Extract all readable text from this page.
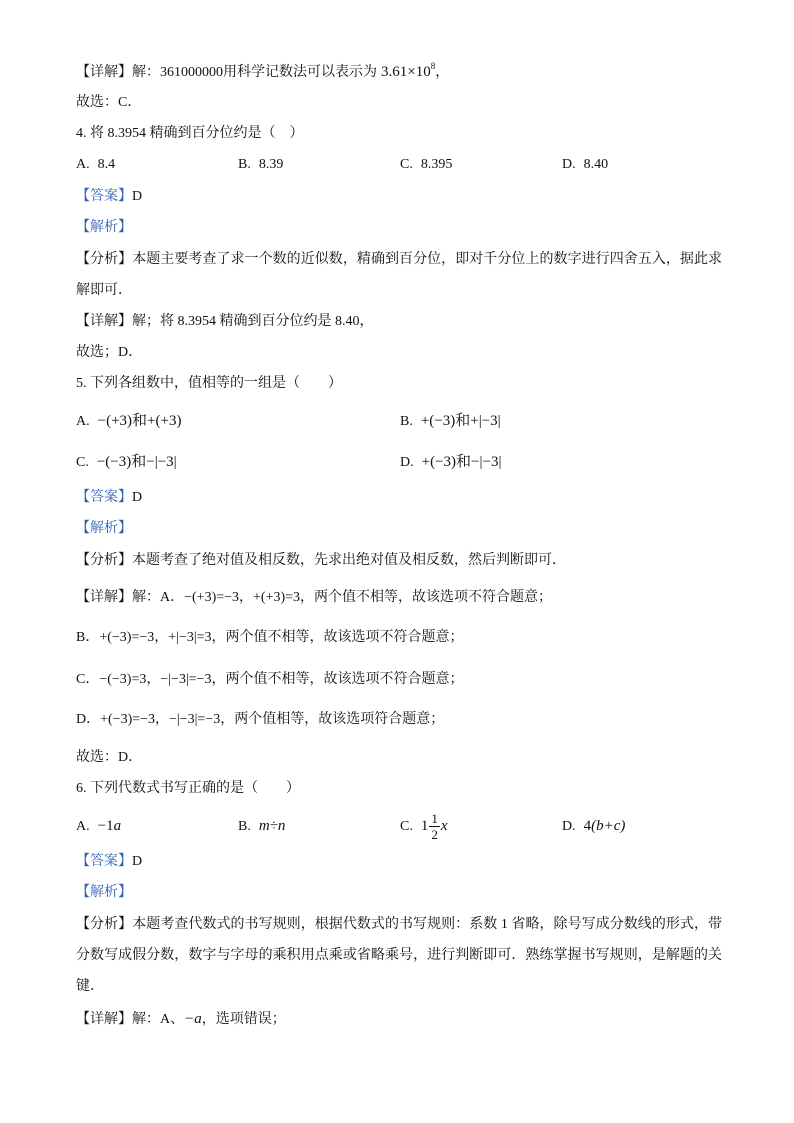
【详解】解：361000000用科学记数法可以表示为 $3.61\times 10^8$，
故选：C．
4. 将 8.3954 精确到百分位约是（　）
A. 8.4	B. 8.39	C. 8.395	D. 8.40
【答案】D
【解析】
【分析】本题主要考查了求一个数的近似数，精确到百分位，即对千分位上的数字进行四舍五入，据此求
解即可．
【详解】解；将 8.3954 精确到百分位约是 8.40，
故选；D．
5. 下列各组数中，值相等的一组是（　　）
A. −(+3)和+(+3)	B. +(−3)和+|−3|
C. −(−3)和−|−3|	D. +(−3)和−|−3|
【答案】D
【解析】
【分析】本题考查了绝对值及相反数，先求出绝对值及相反数，然后判断即可．
【详解】解：A．−(+3)=−3，+(+3)=3，两个值不相等，故该选项不符合题意；
B．+(−3)=−3，+|−3|=3，两个值不相等，故该选项不符合题意；
C．−(−3)=3，−|−3|=−3，两个值不相等，故该选项不符合题意；
D．+(−3)=−3，−|−3|=−3，两个值相等，故该选项符合题意；
故选：D．
6. 下列代数式书写正确的是（　　）
A. −1a	B. m÷n	C. $1 \frac{1}{2}$ x	D. 4(b+c)
【答案】D
【解析】
【分析】本题考查代数式的书写规则，根据代数式的书写规则：系数 1 省略，除号写成分数线的形式，带
分数写成假分数，数字与字母的乘积用点乘或省略乘号，进行判断即可．熟练掌握书写规则，是解题的关
键．
【详解】解：A、−a，选项错误；
